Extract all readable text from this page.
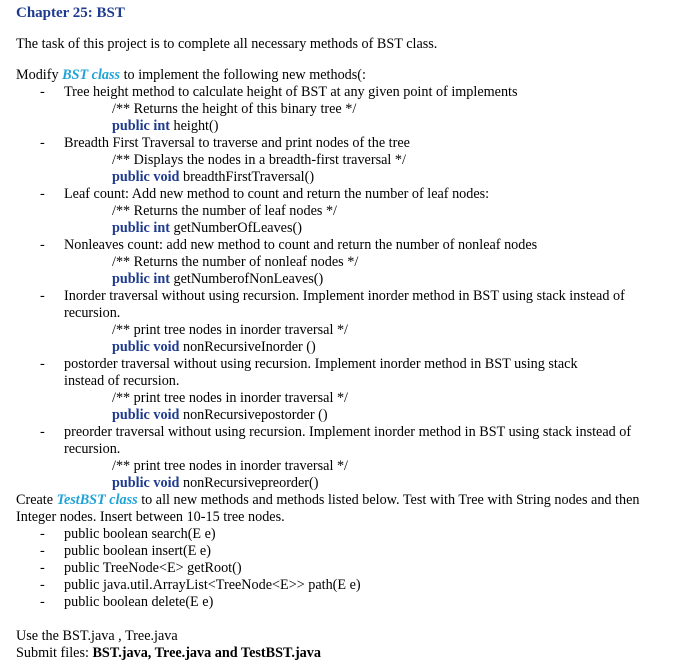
Chapter 25: BST
The task of this project is to complete all necessary methods of BST class.
Modify BST class to implement the following new methods(:
- Tree height method to calculate height of BST at any given point of implements
/** Returns the height of this binary tree */
public int height()
- Breadth First Traversal to traverse and print nodes of the tree
/** Displays the nodes in a breadth-first traversal */
public void breadthFirstTraversal()
- Leaf count: Add new method to count and return the number of leaf nodes:
/** Returns the number of leaf nodes */
public int getNumberOfLeaves()
- Nonleaves count: add new method to count and return the number of nonleaf nodes
/** Returns the number of nonleaf nodes */
public int getNumberofNonLeaves()
- Inorder traversal without using recursion. Implement inorder method in BST using stack instead of recursion.
/** print tree nodes in inorder traversal */
public void nonRecursiveInorder ()
- postorder traversal without using recursion. Implement inorder method in BST using stack instead of recursion.
/** print tree nodes in inorder traversal */
public void nonRecursivepostorder ()
- preorder traversal without using recursion. Implement inorder method in BST using stack instead of recursion.
/** print tree nodes in inorder traversal */
public void nonRecursivepreorder()
Create TestBST class to all new methods and methods listed below. Test with Tree with String nodes and then Integer nodes. Insert between 10-15 tree nodes.
- public boolean search(E e)
- public boolean insert(E e)
- public TreeNode<E> getRoot()
- public java.util.ArrayList<TreeNode<E>> path(E e)
- public boolean delete(E e)
Use the BST.java , Tree.java
Submit files: BST.java, Tree.java and TestBST.java
